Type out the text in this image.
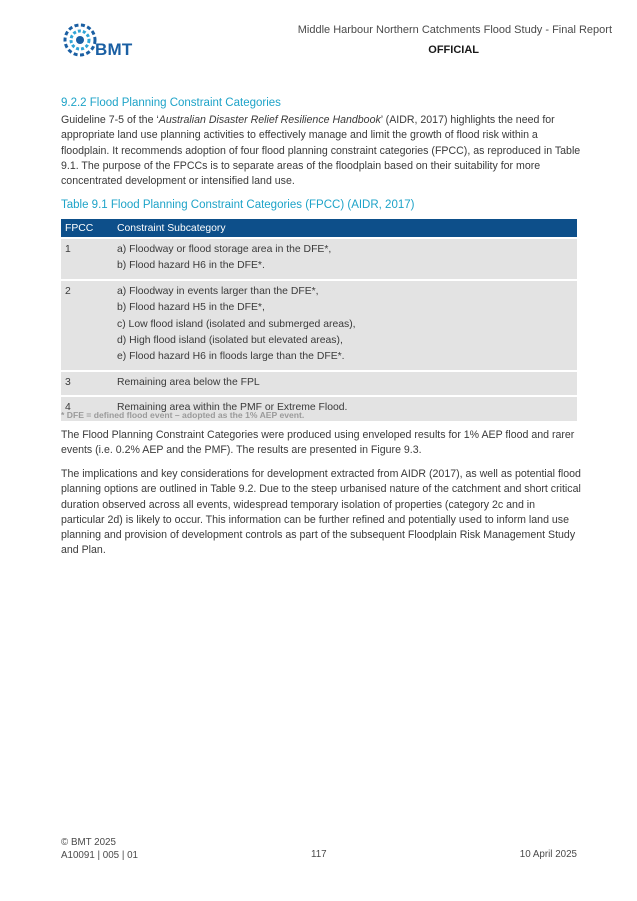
BMT
Middle Harbour Northern Catchments Flood Study - Final Report
OFFICIAL
9.2.2 Flood Planning Constraint Categories

Guideline 7-5 of the ‘Australian Disaster Relief Resilience Handbook’ (AIDR, 2017) highlights the need for appropriate land use planning activities to effectively manage and limit the growth of flood risk within a floodplain. It recommends adoption of four flood planning constraint categories (FPCC), as reproduced in Table 9.1. The purpose of the FPCCs is to separate areas of the floodplain based on their suitability for more concentrated development or intensified land use.

Table 9.1 Flood Planning Constraint Categories (FPCC) (AIDR, 2017)
FPCC	Constraint Subcategory
1	a) Floodway or flood storage area in the DFE*,
b) Flood hazard H6 in the DFE*.
2	a) Floodway in events larger than the DFE*,
b) Flood hazard H5 in the DFE*,
c) Low flood island (isolated and submerged areas),
d) High flood island (isolated but elevated areas),
e) Flood hazard H6 in floods large than the DFE*.
3	Remaining area below the FPL
4	Remaining area within the PMF or Extreme Flood.
* DFE = defined flood event – adopted as the 1% AEP event.

The Flood Planning Constraint Categories were produced using enveloped results for 1% AEP flood and rarer events (i.e. 0.2% AEP and the PMF). The results are presented in Figure 9.3.

The implications and key considerations for development extracted from AIDR (2017), as well as potential flood planning options are outlined in Table 9.2. Due to the steep urbanised nature of the catchment and short critical duration observed across all events, widespread temporary isolation of properties (category 2c and in particular 2d) is likely to occur. This information can be further refined and potentially used to inform land use planning and provision of development controls as part of the subsequent Floodplain Risk Management Study and Plan.

© BMT 2025
A10091 | 005 | 01	117	10 April 2025
